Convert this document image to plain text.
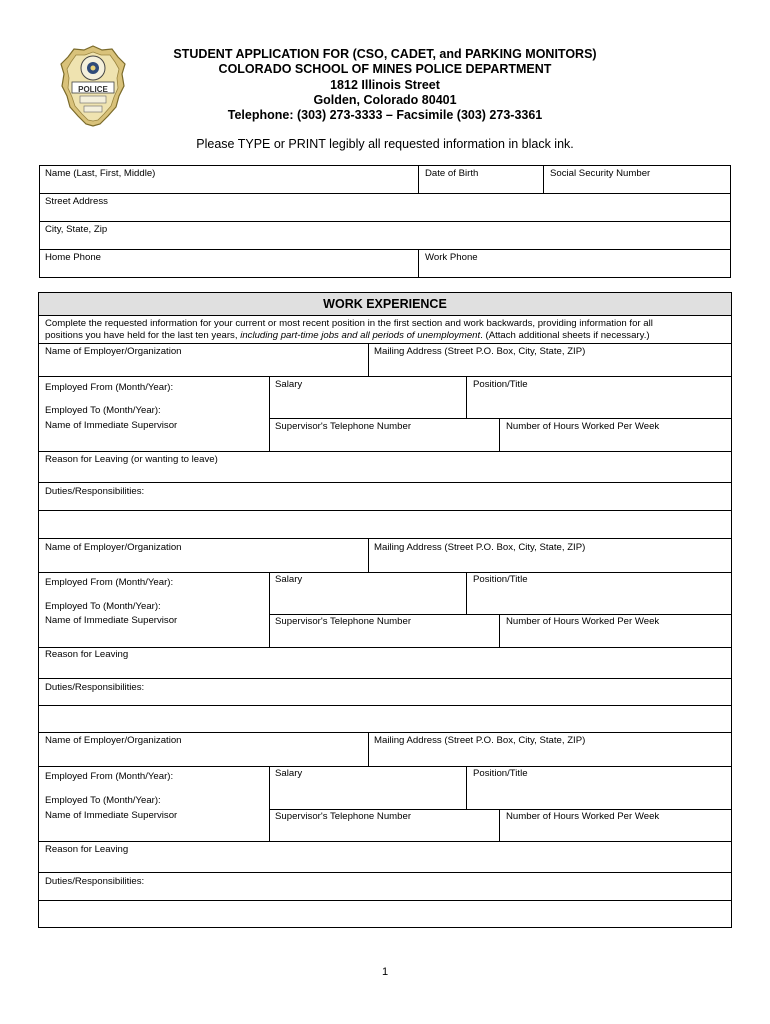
POLICE
STUDENT APPLICATION FOR (CSO, CADET, and PARKING MONITORS)
COLORADO SCHOOL OF MINES POLICE DEPARTMENT
1812 Illinois Street
Golden, Colorado 80401
Telephone: (303) 273-3333 – Facsimile (303) 273-3361
Please TYPE or PRINT legibly all requested information in black ink.
Name (Last, First, Middle)	Date of Birth	Social Security Number
Street Address
City, State, Zip
Home Phone	Work Phone
WORK EXPERIENCE
Complete the requested information for your current or most recent position in the first section and work backwards, providing information for all
positions you have held for the last ten years, including part-time jobs and all periods of unemployment. (Attach additional sheets if necessary.)
Name of Employer/Organization	Mailing Address (Street P.O. Box, City, State, ZIP)
Employed From (Month/Year):	Salary	Position/Title
Employed To (Month/Year):
Name of Immediate Supervisor	Supervisor's Telephone Number	Number of Hours Worked Per Week
Reason for Leaving (or wanting to leave)
Duties/Responsibilities:
Name of Employer/Organization	Mailing Address (Street P.O. Box, City, State, ZIP)
Employed From (Month/Year):	Salary	Position/Title
Employed To (Month/Year):
Name of Immediate Supervisor	Supervisor's Telephone Number	Number of Hours Worked Per Week
Reason for Leaving
Duties/Responsibilities:
Name of Employer/Organization	Mailing Address (Street P.O. Box, City, State, ZIP)
Employed From (Month/Year):	Salary	Position/Title
Employed To (Month/Year):
Name of Immediate Supervisor	Supervisor's Telephone Number	Number of Hours Worked Per Week
Reason for Leaving
Duties/Responsibilities:
1
